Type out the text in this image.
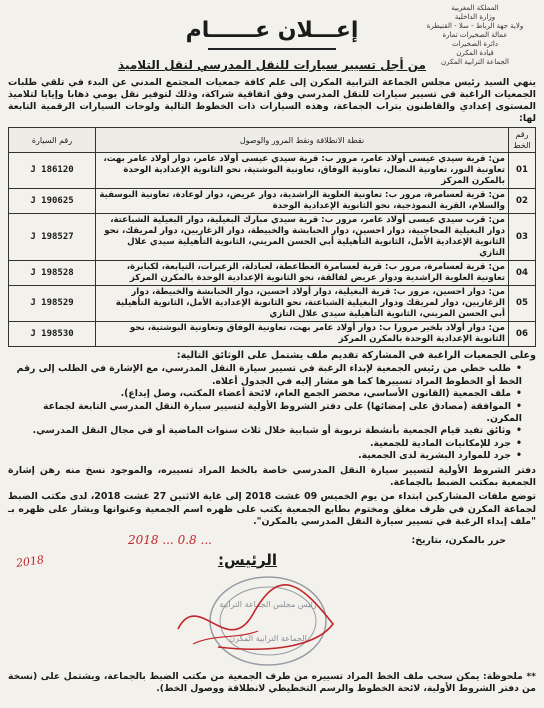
المملكة المغربية
وزارة الداخلية
ولاية جهة الرباط - سلا - القنيطرة
عمالة الصخيرات تمارة
دائرة الصخيرات
قيادة المكرن
الجماعة الترابية المكرن
إعـــلان عــــــام
من أجل تسيير سيارات للنقل المدرسي لنقل التلاميذ
ينهي السيد رئيس مجلس الجماعة الترابية المكرن إلى علم كافة جمعيات المجتمع المدني عن البدء في تلقي طلبات الجمعيات الراغبة في تسيير سيارات للنقل المدرسي وفق اتفاقية شراكة، وذلك لتوفير نقل يومي ذهابا وإيابا لتلاميذ المستوى إعدادي والقاطنون بتراب الجماعة، وهذه السيارات ذات الخطوط التالية ولوحات السيارات الرقمية التابعة لها:
رقم الخط	نقطة الانطلاقة ونقط المرور والوصول	رقم السيارة
01	من: قرية سيدي عيسى أولاد عامر، مرور ب: قرية سيدي عيسى أولاد عامر، دوار أولاد عامر بهت، تعاونية النور، تعاونية النضال، تعاونية الوفاق، تعاونية البوشتية، نحو الثانوية الإعدادية الوحدة بالمكرن المركز	J 186120
02	من: قرية لعسامرة، مرور ب: تعاونية العلوية الراشدية، دوار عريض، دوار لوعادة، تعاونية البوسفية والسلام، القرية النموذجية، نحو الثانوية الإعدادية الوحدة	J 190625
03	من: قرب سيدي عيسى أولاد عامر، مرور ب: قرية سيدي مبارك البغيلية، دوار البغيلية الشباعتة، دوار البغيلية المحاجبية، دوار احسين، دوار الحبابشة والخبيطة، دوار الزغاريين، دوار لمريقك، نحو الثانوية الإعدادية الأمل، الثانوية التأهيلية أبي الحسن المريني، الثانوية التأهيلية سيدي علال التازي	J 198527
04	من: قرية لعسامرة، مرور ب: قرية لعسامرة العطاعطة، لعبادلة، الزعيرات، التيابعة، لكبابرة، تعاونية العلوية الراشدية ودوار عريض لفالقة، نحو الثانوية الإعدادية الوحدة بالمكرن المركز	J 198528
05	من: دوار احسين، مرور ب: قرية البغيلية، دوار أولاد احسين، دوار الحبابشة والخبيطة، دوار الزغاريين، دوار لمريقك ودوار البغيلية الشباعتة، نحو الثانوية الإعدادية الأمل، الثانوية التأهيلية أبي الحسن المريني، الثانوية التأهيلية سيدي علال التازي	J 198529
06	من: دوار أولاد بلخير مرورا ب: دوار أولاد عامر بهت، تعاونية الوفاق وتعاونية البوشتية، نحو الثانوية الإعدادية الوحدة بالمكرن المركز	J 198530
وعلى الجمعيات الراغبة في المشاركة تقديم ملف يشتمل على الوثائق التالية:
• طلب خطي من رئيس الجمعية لإبداء الرغبة في تسيير سيارة النقل المدرسي، مع الإشارة في الطلب إلى رقم الخط أو الخطوط المراد تسييرها كما هو مشار إليه في الجدول أعلاه.
• ملف الجمعية (القانون الأساسي، محضر الجمع العام، لائحة أعضاء المكتب، وصل إيداع).
• الموافقة (مصادق على إمضائها) على دفتر الشروط الأولية لتسيير سيارة النقل المدرسي التابعة لجماعة المكرن.
• وثائق تفيد قيام الجمعية بأنشطة تربوية أو شبابية خلال ثلاث سنوات الماضية أو في مجال النقل المدرسي.
• جرد للإمكانيات المادية للجمعية.
• جرد للموارد البشرية لدى الجمعية.
دفتر الشروط الأولية لتسيير سيارة النقل المدرسي خاصة بالخط المراد تسييره، والموجود نسخ منه رهن إشارة الجمعية بمكتب الضبط بالجماعة.
توضع ملفات المشاركين ابتداء من يوم الخميس 09 غشت 2018 إلى غاية الاثنين 27 غشت 2018، لدى مكتب الضبط لجماعة المكرن في ظرف مغلق ومختوم بطابع الجمعية يكتب على ظهره اسم الجمعية وعنوانها ويشار على ظهره بـ "ملف إبداء الرغبة في تسيير سيارة النقل المدرسي بالمكرن".
حرر بالمكرن، بتاريخ:
2018 ... 0.8 ...
2018	الرئيس:
رئيس مجلس الجماعة الترابية
الجماعة الترابية المكرن
** ملحوظة: يمكن سحب ملف الخط المراد تسييره من طرف الجمعية من مكتب الضبط بالجماعة، ويشتمل على (نسخة من دفتر الشروط الأولية، لائحة الخطوط والرسم التخطيطي لانطلاقة ووصول الخط).
